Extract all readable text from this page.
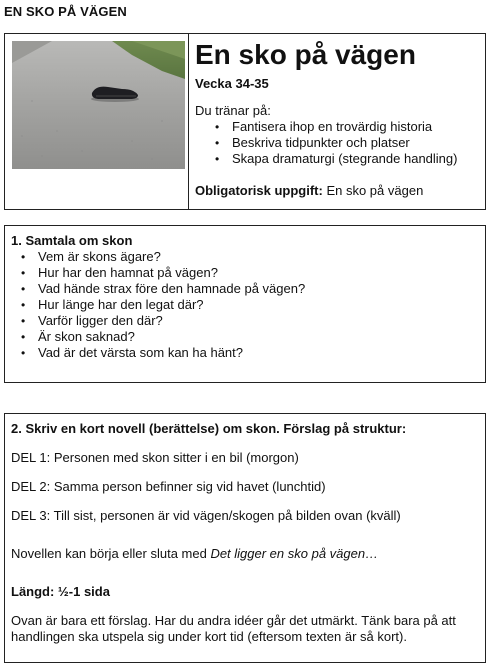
EN SKO PÅ VÄGEN
En sko på vägen
Vecka 34-35
Du tränar på:
• Fantisera ihop en trovärdig historia
• Beskriva tidpunkter och platser
• Skapa dramaturgi (stegrande handling)
Obligatorisk uppgift: En sko på vägen
1. Samtala om skon
• Vem är skons ägare?
• Hur har den hamnat på vägen?
• Vad hände strax före den hamnade på vägen?
• Hur länge har den legat där?
• Varför ligger den där?
• Är skon saknad?
• Vad är det värsta som kan ha hänt?
2. Skriv en kort novell (berättelse) om skon. Förslag på struktur:
DEL 1: Personen med skon sitter i en bil (morgon)
DEL 2: Samma person befinner sig vid havet (lunchtid)
DEL 3: Till sist, personen är vid vägen/skogen på bilden ovan (kväll)
Novellen kan börja eller sluta med Det ligger en sko på vägen…
Längd: ½-1 sida
Ovan är bara ett förslag. Har du andra idéer går det utmärkt. Tänk bara på att handlingen ska utspela sig under kort tid (eftersom texten är så kort).
